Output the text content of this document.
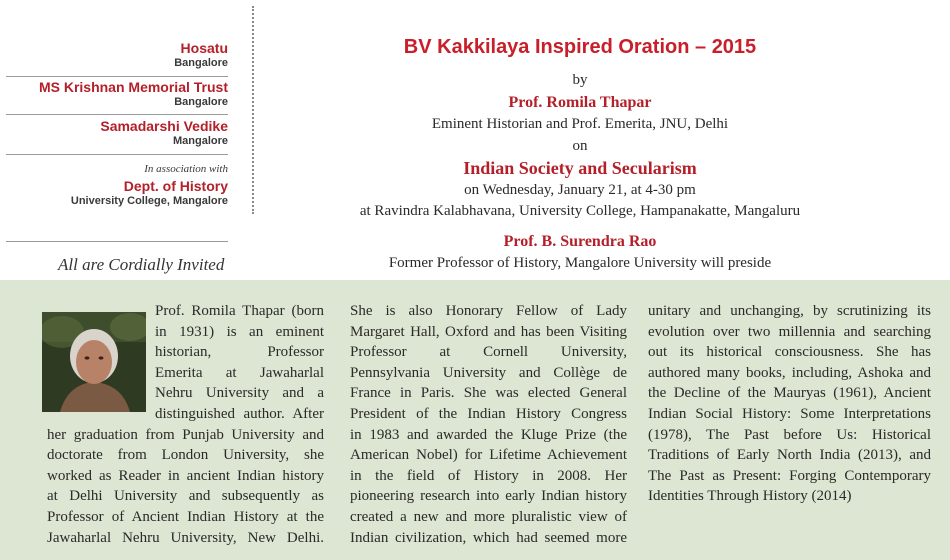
Hosatu
Bangalore
MS Krishnan Memorial Trust
Bangalore
Samadarshi Vedike
Mangalore
In association with
Dept. of History
University College, Mangalore
All are Cordially Invited
BV Kakkilaya Inspired Oration – 2015
by
Prof. Romila Thapar
Eminent Historian and Prof. Emerita, JNU, Delhi
on
Indian Society and Secularism
on Wednesday, January 21, at 4-30 pm
at Ravindra Kalabhavana, University College, Hampanakatte, Mangaluru
Prof. B. Surendra Rao
Former Professor of History, Mangalore University will preside
Prof. Romila Thapar (born
in 1931) is an eminent
historian, Professor
Emerita at Jawaharlal
Nehru University and a
distinguished author. After
her graduation from Punjab University and
doctorate from London University, she
worked as Reader in ancient Indian history
at Delhi University and subsequently as
Professor of Ancient Indian History at the
Jawaharlal Nehru University, New Delhi.
She is also Honorary Fellow of Lady
Margaret Hall, Oxford and has been Visiting
Professor at Cornell University,
Pennsylvania University and Collège de
France in Paris. She was elected General
President of the Indian History Congress
in 1983 and awarded the Kluge Prize (the
American Nobel) for Lifetime Achievement
in the field of History in 2008. Her
pioneering research into early Indian history
created a new and more pluralistic view of
Indian civilization, which had seemed more
unitary and unchanging, by scrutinizing its
evolution over two millennia and searching
out its historical consciousness. She has
authored many books, including, Ashoka and
the Decline of the Mauryas (1961), Ancient
Indian Social History: Some Interpretations
(1978), The Past before Us: Historical
Traditions of Early North India (2013), and
The Past as Present: Forging Contemporary
Identities Through History (2014)
